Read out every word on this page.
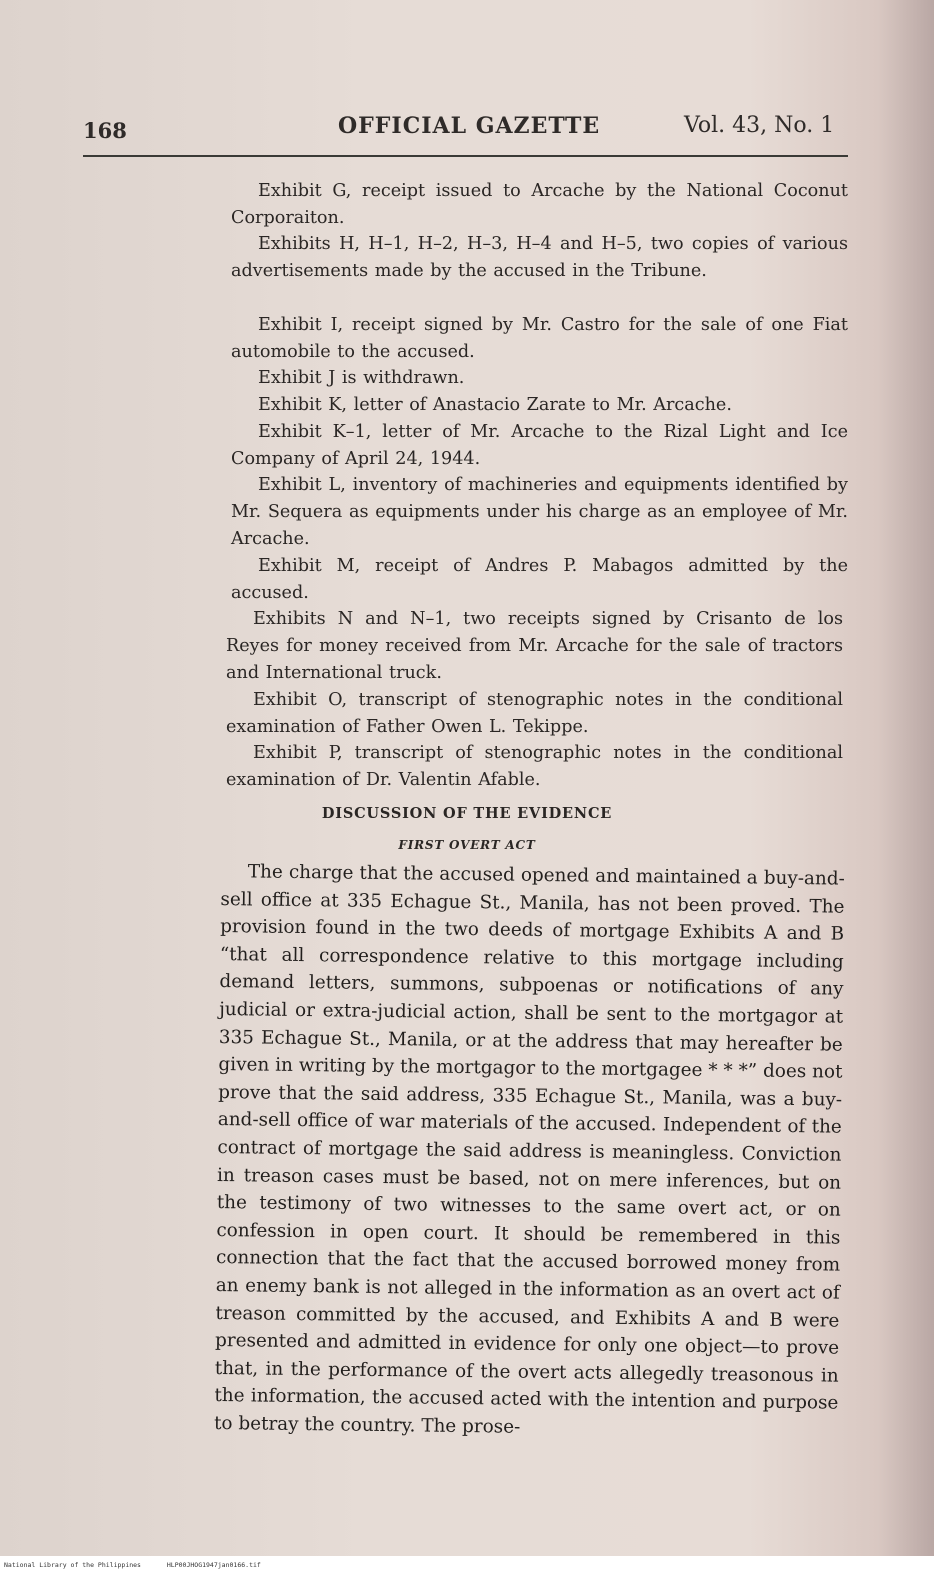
168	OFFICIAL GAZETTE	Vol. 43, No. 1

Exhibit G, receipt issued to Arcache by the National Coconut Corporaiton.

Exhibits H, H–1, H–2, H–3, H–4 and H–5, two copies of various advertisements made by the accused in the Tribune.

Exhibit I, receipt signed by Mr. Castro for the sale of one Fiat automobile to the accused.

Exhibit J is withdrawn.

Exhibit K, letter of Anastacio Zarate to Mr. Arcache.

Exhibit K–1, letter of Mr. Arcache to the Rizal Light and Ice Company of April 24, 1944.

Exhibit L, inventory of machineries and equipments identified by Mr. Sequera as equipments under his charge as an employee of Mr. Arcache.

Exhibit M, receipt of Andres P. Mabagos admitted by the accused.

Exhibits N and N–1, two receipts signed by Crisanto de los Reyes for money received from Mr. Arcache for the sale of tractors and International truck.

Exhibit O, transcript of stenographic notes in the conditional examination of Father Owen L. Tekippe.

Exhibit P, transcript of stenographic notes in the conditional examination of Dr. Valentin Afable.

DISCUSSION OF THE EVIDENCE
FIRST OVERT ACT

The charge that the accused opened and maintained a buy-and-sell office at 335 Echague St., Manila, has not been proved. The provision found in the two deeds of mortgage Exhibits A and B “that all correspondence relative to this mortgage including demand letters, summons, subpoenas or notifications of any judicial or extra-judicial action, shall be sent to the mortgagor at 335 Echague St., Manila, or at the address that may hereafter be given in writing by the mortgagor to the mortgagee * * *” does not prove that the said address, 335 Echague St., Manila, was a buy-and-sell office of war materials of the accused. Independent of the contract of mortgage the said address is meaningless. Conviction in treason cases must be based, not on mere inferences, but on the testimony of two witnesses to the same overt act, or on confession in open court. It should be remembered in this connection that the fact that the accused borrowed money from an enemy bank is not alleged in the information as an overt act of treason committed by the accused, and Exhibits A and B were presented and admitted in evidence for only one object—to prove that, in the performance of the overt acts allegedly treasonous in the information, the accused acted with the intention and purpose to betray the country. The prose-

National Library of the Philippines	HLP00JHOG1947jan0166.tif
